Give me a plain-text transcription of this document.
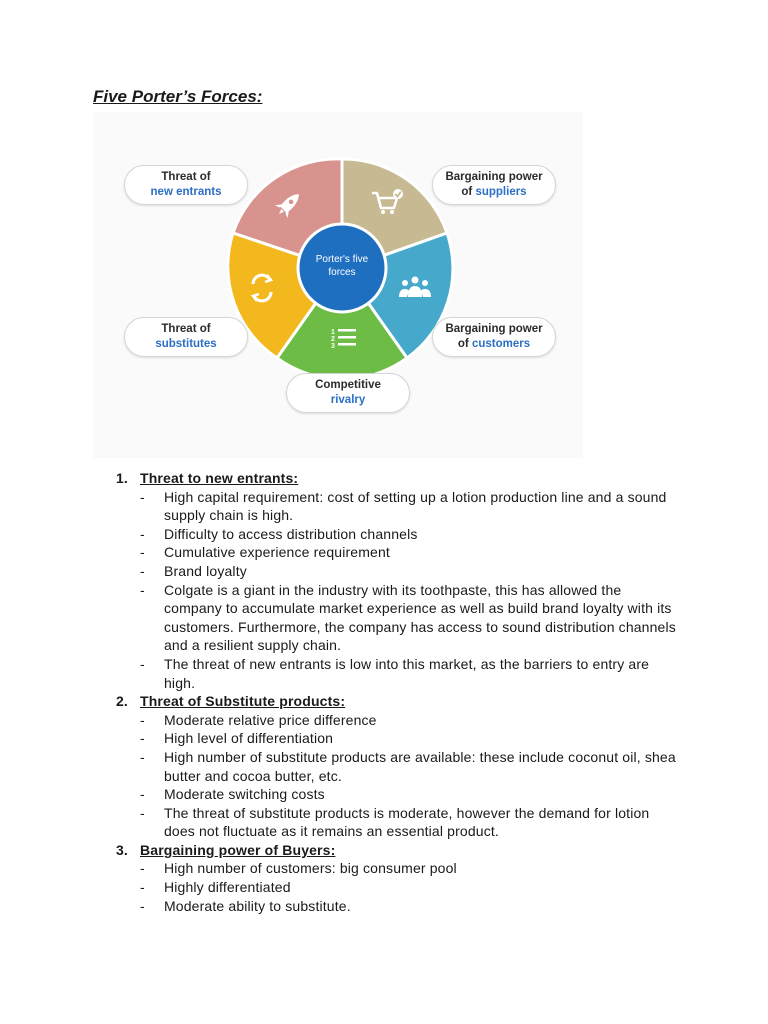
Five Porter’s Forces:
Porter's five
forces
1
2
3
Threat of
new entrants
Bargaining power
of suppliers
Threat of
substitutes
Bargaining power
of customers
Competitive
rivalry
1. Threat to new entrants:
-	High capital requirement: cost of setting up a lotion production line and a sound supply chain is high.
-	Difficulty to access distribution channels
-	Cumulative experience requirement
-	Brand loyalty
-	Colgate is a giant in the industry with its toothpaste, this has allowed the company to accumulate market experience as well as build brand loyalty with its customers. Furthermore, the company has access to sound distribution channels and a resilient supply chain.
-	The threat of new entrants is low into this market, as the barriers to entry are high.
2. Threat of Substitute products:
-	Moderate relative price difference
-	High level of differentiation
-	High number of substitute products are available: these include coconut oil, shea butter and cocoa butter, etc.
-	Moderate switching costs
-	The threat of substitute products is moderate, however the demand for lotion does not fluctuate as it remains an essential product.
3. Bargaining power of Buyers:
-	High number of customers: big consumer pool
-	Highly differentiated
-	Moderate ability to substitute.
